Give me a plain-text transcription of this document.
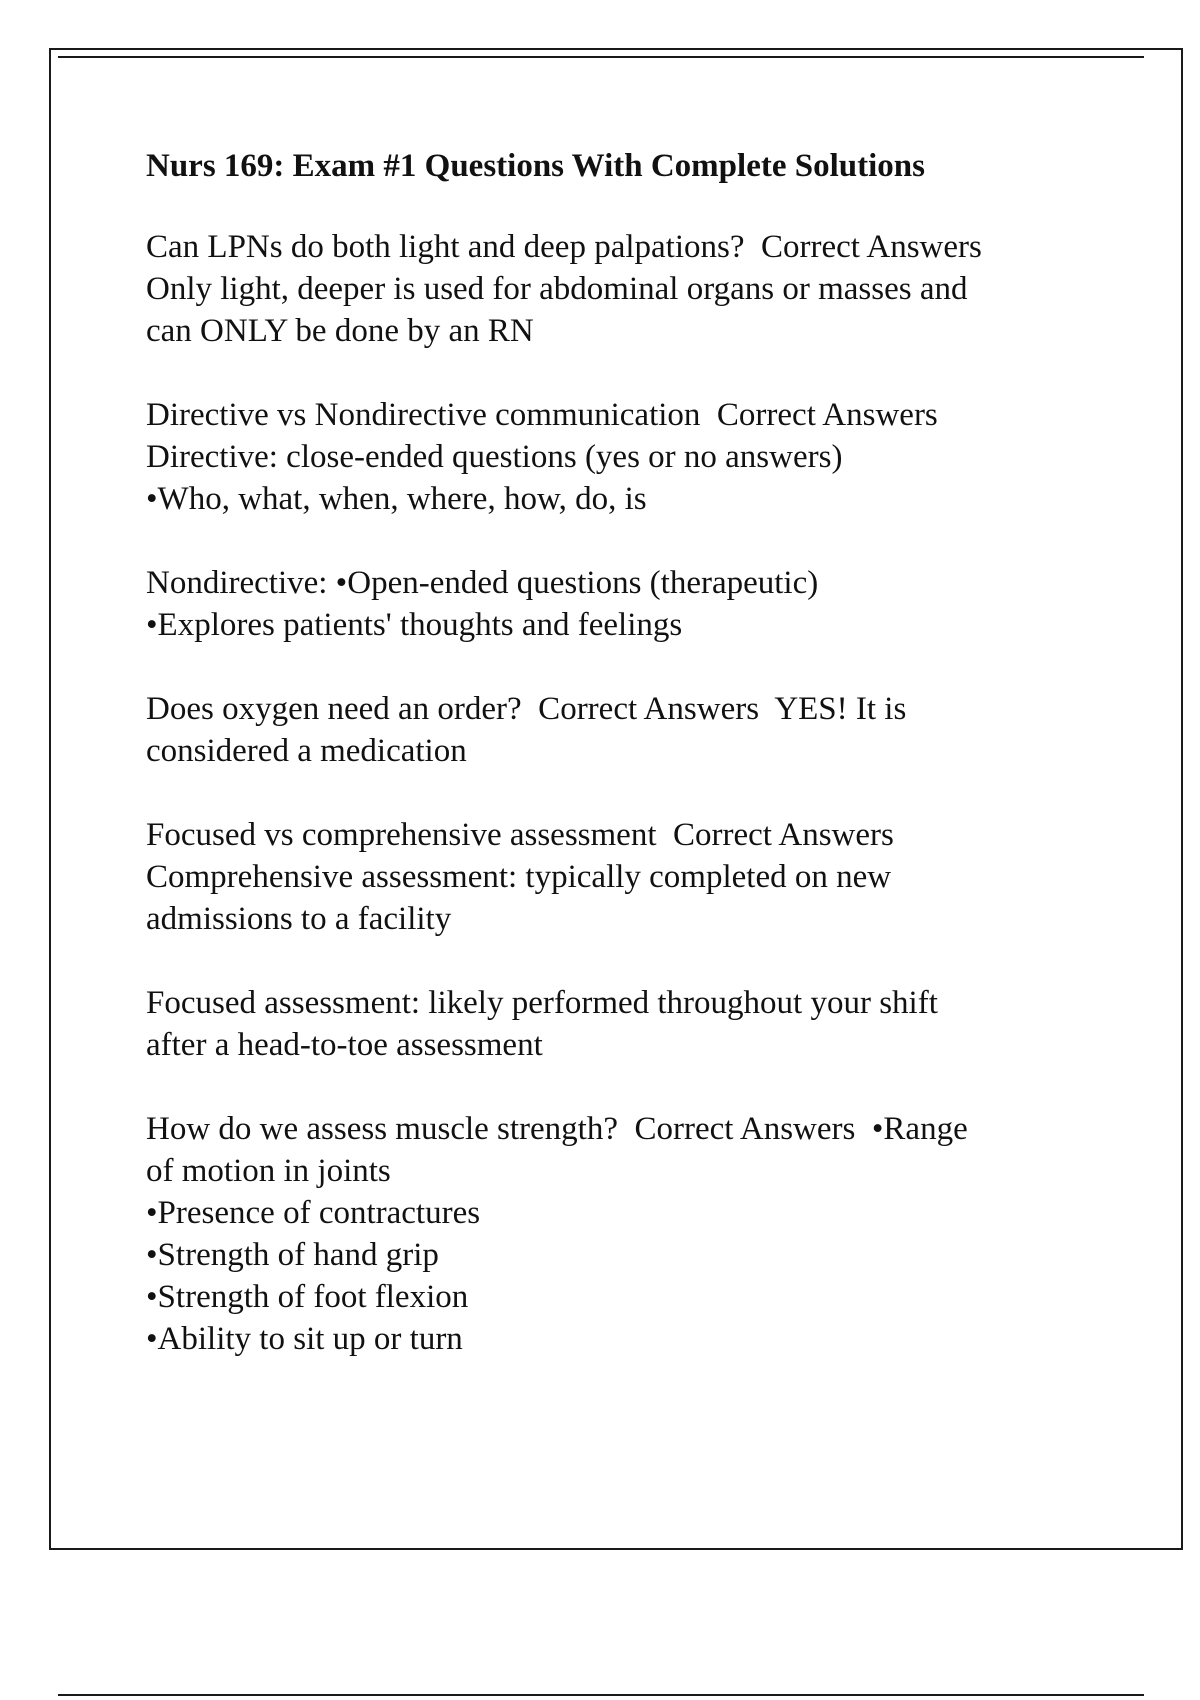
Nurs 169: Exam #1 Questions With Complete Solutions
Can LPNs do both light and deep palpations?  Correct Answers
Only light, deeper is used for abdominal organs or masses and
can ONLY be done by an RN
Directive vs Nondirective communication  Correct Answers
Directive: close-ended questions (yes or no answers)
•Who, what, when, where, how, do, is
Nondirective: •Open-ended questions (therapeutic)
•Explores patients' thoughts and feelings
Does oxygen need an order?  Correct Answers  YES! It is
considered a medication
Focused vs comprehensive assessment  Correct Answers
Comprehensive assessment: typically completed on new
admissions to a facility
Focused assessment: likely performed throughout your shift
after a head-to-toe assessment
How do we assess muscle strength?  Correct Answers  •Range
of motion in joints
•Presence of contractures
•Strength of hand grip
•Strength of foot flexion
•Ability to sit up or turn
